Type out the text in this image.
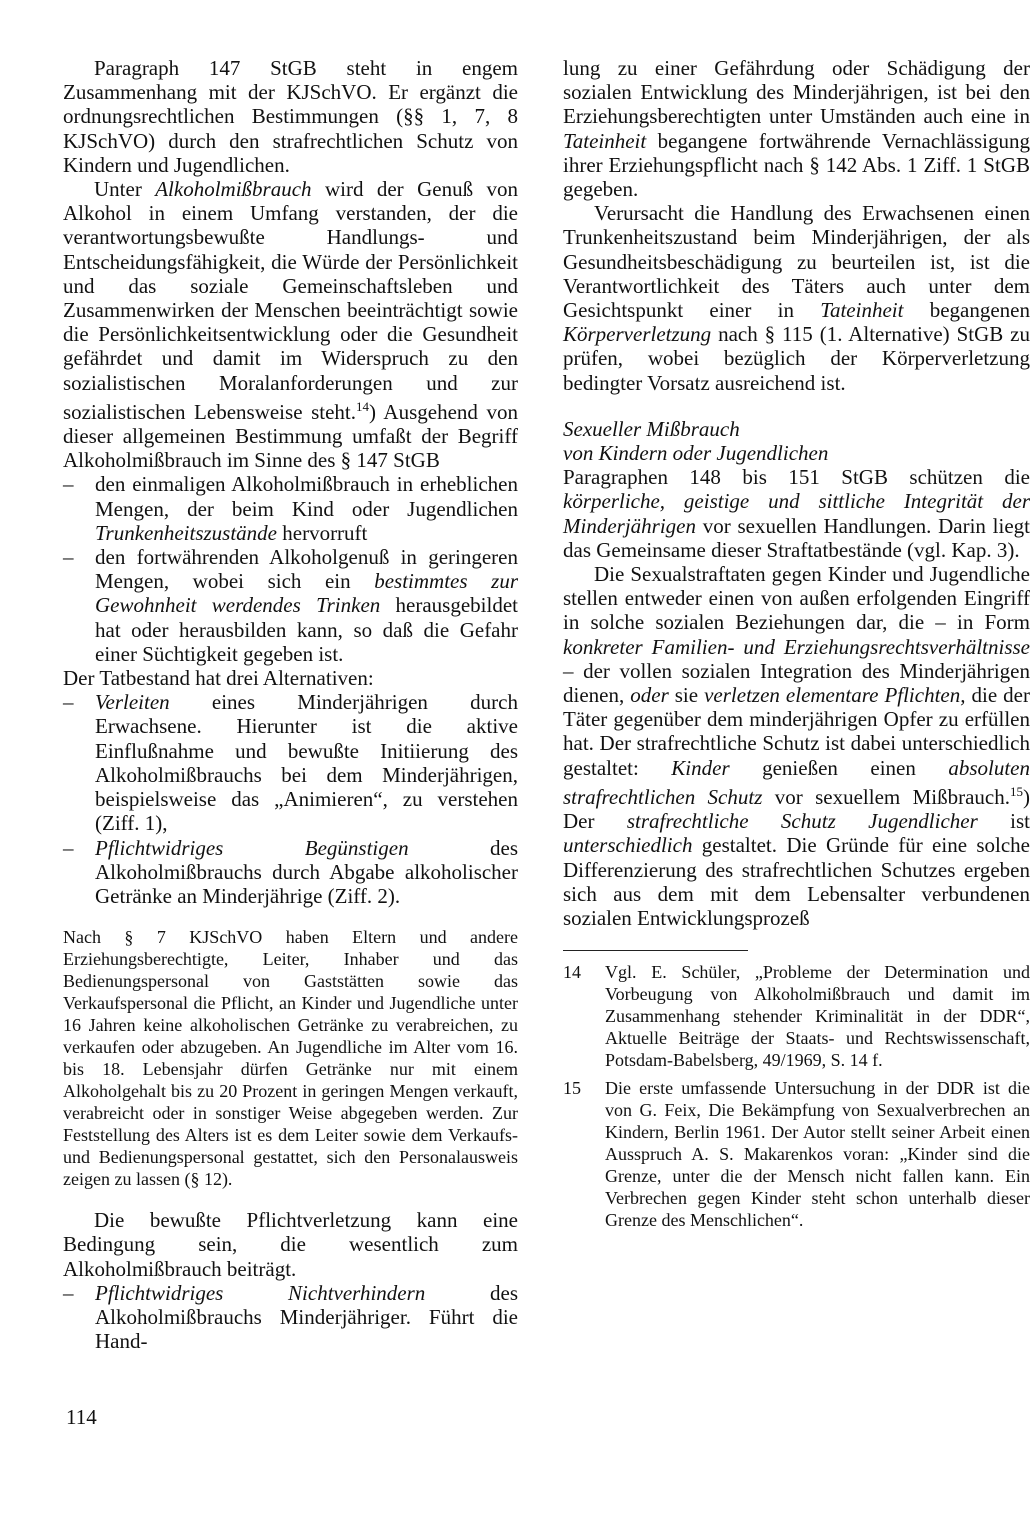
Paragraph 147 StGB steht in engem Zusammenhang mit der KJSchVO. Er ergänzt die ordnungsrechtlichen Bestimmungen (§§ 1, 7, 8 KJSchVO) durch den strafrechtlichen Schutz von Kindern und Jugendlichen.

Unter Alkoholmißbrauch wird der Genuß von Alkohol in einem Umfang verstanden, der die verantwortungsbewußte Handlungs- und Entscheidungsfähigkeit, die Würde der Persönlichkeit und das soziale Gemeinschaftsleben und Zusammenwirken der Menschen beeinträchtigt sowie die Persönlichkeitsentwicklung oder die Gesundheit gefährdet und damit im Widerspruch zu den sozialistischen Moralanforderungen und zur sozialistischen Lebensweise steht.$^{14}$) Ausgehend von dieser allgemeinen Bestimmung umfaßt der Begriff Alkoholmißbrauch im Sinne des § 147 StGB

–	den einmaligen Alkoholmißbrauch in erheblichen Mengen, der beim Kind oder Jugendlichen Trunkenheitszustände hervorruft
–	den fortwährenden Alkoholgenuß in geringeren Mengen, wobei sich ein bestimmtes zur Gewohnheit werdendes Trinken herausgebildet hat oder herausbilden kann, so daß die Gefahr einer Süchtigkeit gegeben ist.

Der Tatbestand hat drei Alternativen:

–	Verleiten eines Minderjährigen durch Erwachsene. Hierunter ist die aktive Einflußnahme und bewußte Initiierung des Alkoholmißbrauchs bei dem Minderjährigen, beispielsweise das „Animieren“, zu verstehen (Ziff. 1),
–	Pflichtwidriges Begünstigen des Alkoholmißbrauchs durch Abgabe alkoholischer Getränke an Minderjährige (Ziff. 2).

Nach § 7 KJSchVO haben Eltern und andere Erziehungsberechtigte, Leiter, Inhaber und das Bedienungspersonal von Gaststätten sowie das Verkaufspersonal die Pflicht, an Kinder und Jugendliche unter 16 Jahren keine alkoholischen Getränke zu verabreichen, zu verkaufen oder abzugeben. An Jugendliche im Alter vom 16. bis 18. Lebensjahr dürfen Getränke nur mit einem Alkoholgehalt bis zu 20 Prozent in geringen Mengen verkauft, verabreicht oder in sonstiger Weise abgegeben werden. Zur Feststellung des Alters ist es dem Leiter sowie dem Verkaufs- und Bedienungspersonal gestattet, sich den Personalausweis zeigen zu lassen (§ 12).

Die bewußte Pflichtverletzung kann eine Bedingung sein, die wesentlich zum Alkoholmißbrauch beiträgt.

–	Pflichtwidriges Nichtverhindern des Alkoholmißbrauchs Minderjähriger. Führt die Hand-

lung zu einer Gefährdung oder Schädigung der sozialen Entwicklung des Minderjährigen, ist bei den Erziehungsberechtigten unter Umständen auch eine in Tateinheit begangene fortwährende Vernachlässigung ihrer Erziehungspflicht nach § 142 Abs. 1 Ziff. 1 StGB gegeben.

Verursacht die Handlung des Erwachsenen einen Trunkenheitszustand beim Minderjährigen, der als Gesundheitsbeschädigung zu beurteilen ist, ist die Verantwortlichkeit des Täters auch unter dem Gesichtspunkt einer in Tateinheit begangenen Körperverletzung nach § 115 (1. Alternative) StGB zu prüfen, wobei bezüglich der Körperverletzung bedingter Vorsatz ausreichend ist.

Sexueller Mißbrauch
von Kindern oder Jugendlichen

Paragraphen 148 bis 151 StGB schützen die körperliche, geistige und sittliche Integrität der Minderjährigen vor sexuellen Handlungen. Darin liegt das Gemeinsame dieser Straftatbestände (vgl. Kap. 3).

Die Sexualstraftaten gegen Kinder und Jugendliche stellen entweder einen von außen erfolgenden Eingriff in solche sozialen Beziehungen dar, die – in Form konkreter Familien- und Erziehungsrechtsverhältnisse – der vollen sozialen Integration des Minderjährigen dienen, oder sie verletzen elementare Pflichten, die der Täter gegenüber dem minderjährigen Opfer zu erfüllen hat. Der strafrechtliche Schutz ist dabei unterschiedlich gestaltet: Kinder genießen einen absoluten strafrechtlichen Schutz vor sexuellem Mißbrauch.$^{15}$) Der strafrechtliche Schutz Jugendlicher ist unterschiedlich gestaltet. Die Gründe für eine solche Differenzierung des strafrechtlichen Schutzes ergeben sich aus dem mit dem Lebensalter verbundenen sozialen Entwicklungsprozeß

14	Vgl. E. Schüler, „Probleme der Determination und Vorbeugung von Alkoholmißbrauch und damit im Zusammenhang stehender Kriminalität in der DDR“, Aktuelle Beiträge der Staats- und Rechtswissenschaft, Potsdam-Babelsberg, 49/1969, S. 14 f.
15	Die erste umfassende Untersuchung in der DDR ist die von G. Feix, Die Bekämpfung von Sexualverbrechen an Kindern, Berlin 1961. Der Autor stellt seiner Arbeit einen Ausspruch A. S. Makarenkos voran: „Kinder sind die Grenze, unter die der Mensch nicht fallen kann. Ein Verbrechen gegen Kinder steht schon unterhalb dieser Grenze des Menschlichen“.
114
